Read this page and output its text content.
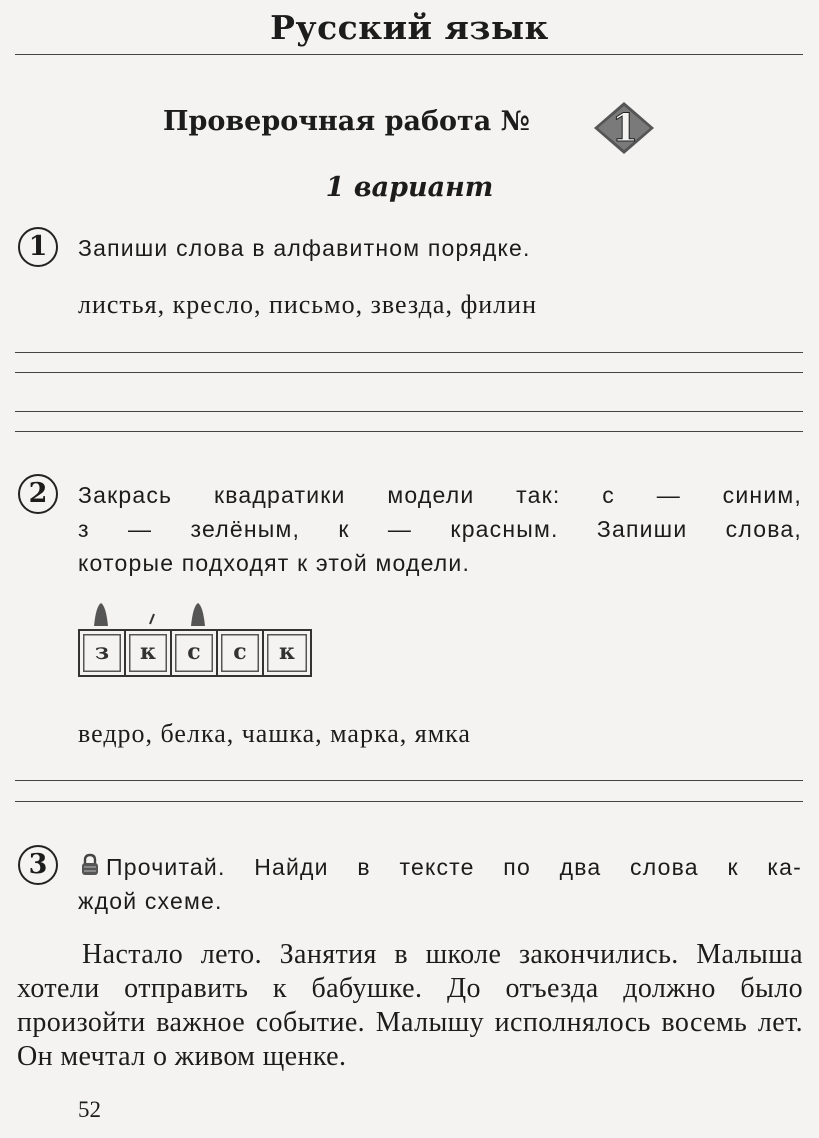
Русский язык
Проверочная работа № 1
1 вариант
1	Запиши слова в алфавитном порядке.
листья, кресло, письмо, звезда, филин
2	Закрась квадратики модели так: с — синим,
з — зелёным, к — красным. Запиши слова,
которые подходят к этой модели.
з	к	с	с	к
ведро, белка, чашка, марка, ямка
3	Прочитай. Найди в тексте по два слова к ка-
ждой схеме.
Настало лето. Занятия в школе закончились. Малыша хотели отправить к бабушке. До отъезда должно было произойти важное событие. Малышу исполнялось восемь лет. Он мечтал о живом щенке.
52
